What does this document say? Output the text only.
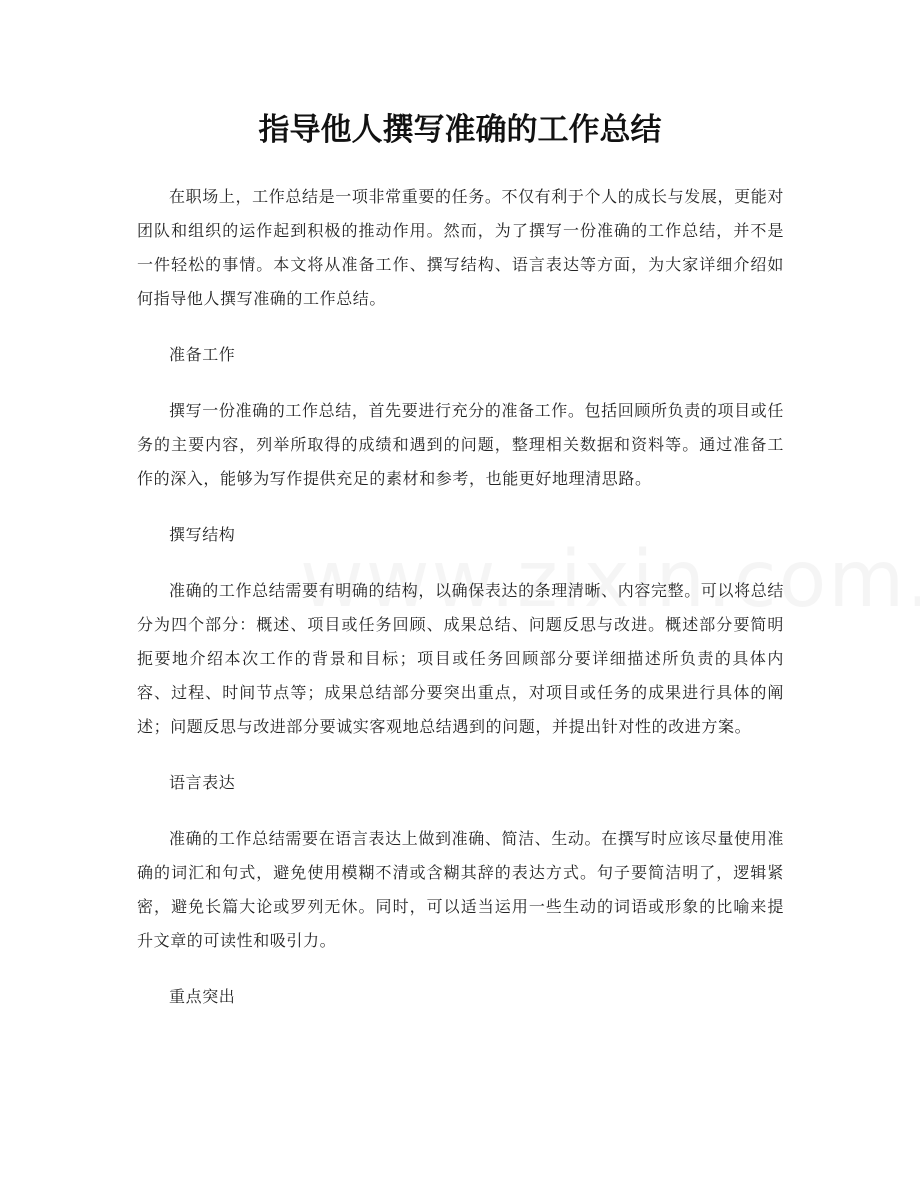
指导他人撰写准确的工作总结

在职场上，工作总结是一项非常重要的任务。不仅有利于个人的成长与发展，更能对团队和组织的运作起到积极的推动作用。然而，为了撰写一份准确的工作总结，并不是一件轻松的事情。本文将从准备工作、撰写结构、语言表达等方面，为大家详细介绍如何指导他人撰写准确的工作总结。

准备工作

撰写一份准确的工作总结，首先要进行充分的准备工作。包括回顾所负责的项目或任务的主要内容，列举所取得的成绩和遇到的问题，整理相关数据和资料等。通过准备工作的深入，能够为写作提供充足的素材和参考，也能更好地理清思路。

撰写结构

准确的工作总结需要有明确的结构，以确保表达的条理清晰、内容完整。可以将总结分为四个部分：概述、项目或任务回顾、成果总结、问题反思与改进。概述部分要简明扼要地介绍本次工作的背景和目标；项目或任务回顾部分要详细描述所负责的具体内容、过程、时间节点等；成果总结部分要突出重点，对项目或任务的成果进行具体的阐述；问题反思与改进部分要诚实客观地总结遇到的问题，并提出针对性的改进方案。

语言表达

准确的工作总结需要在语言表达上做到准确、简洁、生动。在撰写时应该尽量使用准确的词汇和句式，避免使用模糊不清或含糊其辞的表达方式。句子要简洁明了，逻辑紧密，避免长篇大论或罗列无休。同时，可以适当运用一些生动的词语或形象的比喻来提升文章的可读性和吸引力。

重点突出
